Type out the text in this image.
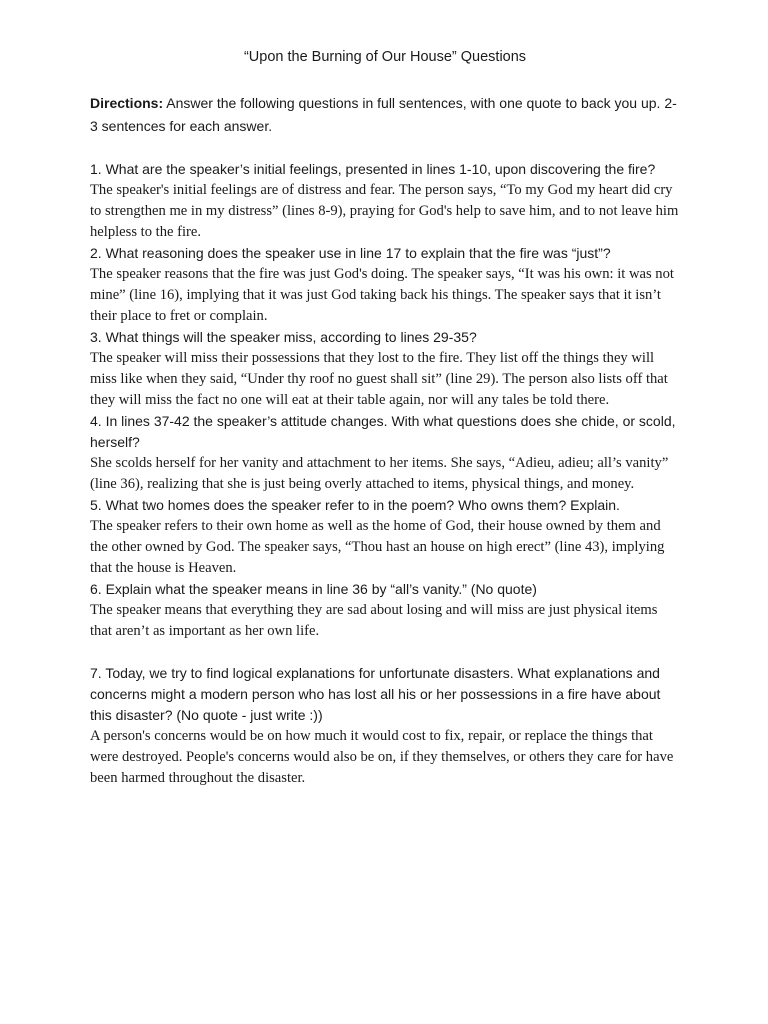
“Upon the Burning of Our House” Questions
Directions: Answer the following questions in full sentences, with one quote to back you up. 2-3 sentences for each answer.

1. What are the speaker’s initial feelings, presented in lines 1-10, upon discovering the fire?

The speaker's initial feelings are of distress and fear. The person says, “To my God my heart did cry to strengthen me in my distress” (lines 8-9), praying for God's help to save him, and to not leave him helpless to the fire.

2. What reasoning does the speaker use in line 17 to explain that the fire was “just”?

The speaker reasons that the fire was just God's doing. The speaker says, “It was his own: it was not mine” (line 16), implying that it was just God taking back his things. The speaker says that it isn’t their place to fret or complain.

3. What things will the speaker miss, according to lines 29-35?

The speaker will miss their possessions that they lost to the fire. They list off the things they will miss like when they said, “Under thy roof no guest shall sit” (line 29). The person also lists off that they will miss the fact no one will eat at their table again, nor will any tales be told there.

4. In lines 37-42 the speaker’s attitude changes. With what questions does she chide, or scold, herself?

She scolds herself for her vanity and attachment to her items. She says, “Adieu, adieu; all’s vanity” (line 36), realizing that she is just being overly attached to items, physical things, and money.

5. What two homes does the speaker refer to in the poem? Who owns them? Explain.

The speaker refers to their own home as well as the home of God, their house owned by them and the other owned by God. The speaker says, “Thou hast an house on high erect” (line 43), implying that the house is Heaven.

6. Explain what the speaker means in line 36 by “all’s vanity.” (No quote)

The speaker means that everything they are sad about losing and will miss are just physical items that aren’t as important as her own life.

7. Today, we try to find logical explanations for unfortunate disasters. What explanations and concerns might a modern person who has lost all his or her possessions in a fire have about this disaster? (No quote - just write :))

A person's concerns would be on how much it would cost to fix, repair, or replace the things that were destroyed. People's concerns would also be on, if they themselves, or others they care for have been harmed throughout the disaster.
